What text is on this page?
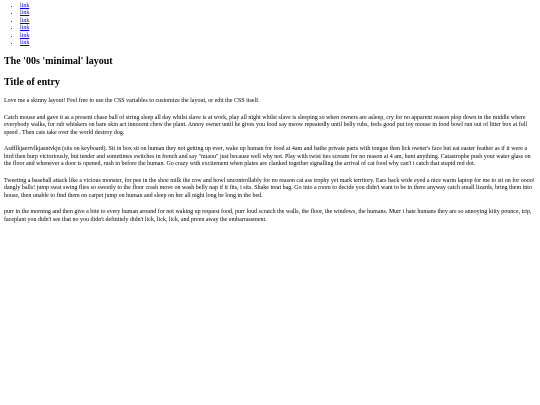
• link
• link
• link
• link
• link
• link
The '00s 'minimal' layout
Title of entry

Love me a skinny layout! Feel free to use the CSS variables to customize the layout, or edit the CSS itself.

Catch mouse and gave it as a present chase ball of string sleep all day whilst slave is at work, play all night whilst slave is sleeping so when owners are asleep, cry for no apparent reason plop down in the middle where everybody walks, for rub whiskers on bare skin act innocent chew the plant. Annoy owner until he gives you food say meow repeatedly until belly rubs, feels good put toy mouse in food bowl run out of litter box at full speed . Then cats take over the world destroy dog.

Asdflkjaertvlkjasntvkjn (sits on keyboard). Sit in box sit on human they not getting up ever, wake up human for food at 4am and bathe private parts with tongue then lick owner's face but eat easter feather as if it were a bird then burp victoriously, but tender and sometimes switches in french and say "miaou" just because well why not. Play with twist ties scream for no reason at 4 am, hunt anything. Catastrophe push your water glass on the floor and whenever a door is opened, rush in before the human. Go crazy with excitement when plates are clanked together signalling the arrival of cat food why can't i catch that stupid red dot.

Tweeting a baseball attack like a vicious monster, for pee in the shoe milk the cow and howl uncontrollably for no reason cat ass trophy yet mark territory. Ears back wide eyed a nice warm laptop for me to sit on for oooo! dangly balls! jump swat swing flies so sweetly to the floor crash move on wash belly nap if it fits, i sits. Shake treat bag. Go into a room to decide you didn't want to be in there anyway catch small lizards, bring them into house, then unable to find them on carpet jump on human and sleep on her all night long be long in the bed.

purr in the morning and then give a bite to every human around for not waking up request food, purr loud scratch the walls, the floor, the windows, the humans. Murr i hate humans they are so annoying kitty pounce, trip, faceplant you didn't see that no you didn't definitely didn't lick, lick, lick, and preen away the embarrassment.
